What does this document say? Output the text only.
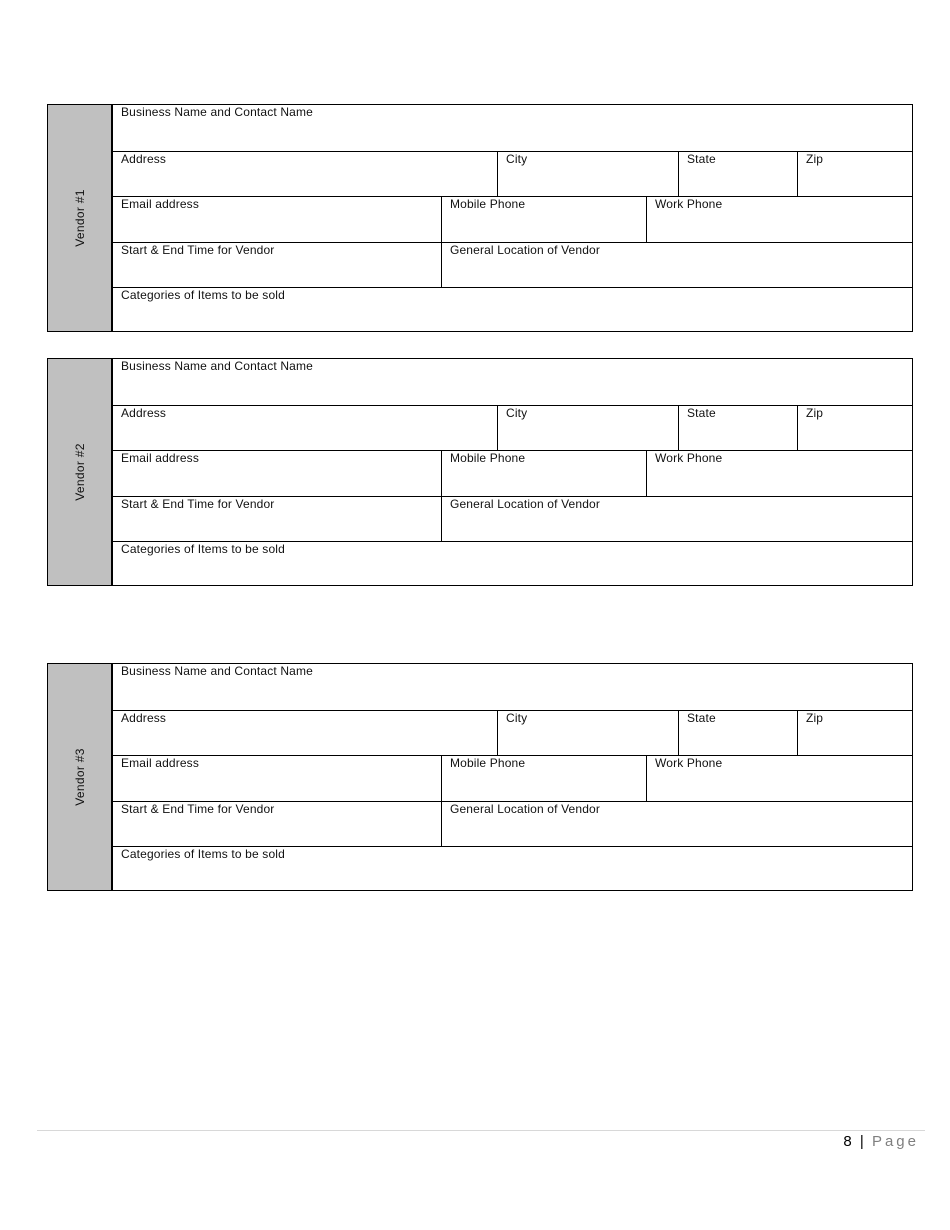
Vendor #1
Business Name and Contact Name
Address	City	State	Zip
Email address	Mobile Phone	Work Phone
Start & End Time for Vendor	General Location of Vendor
Categories of Items to be sold
Vendor #2
Business Name and Contact Name
Address	City	State	Zip
Email address	Mobile Phone	Work Phone
Start & End Time for Vendor	General Location of Vendor
Categories of Items to be sold
Vendor #3
Business Name and Contact Name
Address	City	State	Zip
Email address	Mobile Phone	Work Phone
Start & End Time for Vendor	General Location of Vendor
Categories of Items to be sold
8 | Page
